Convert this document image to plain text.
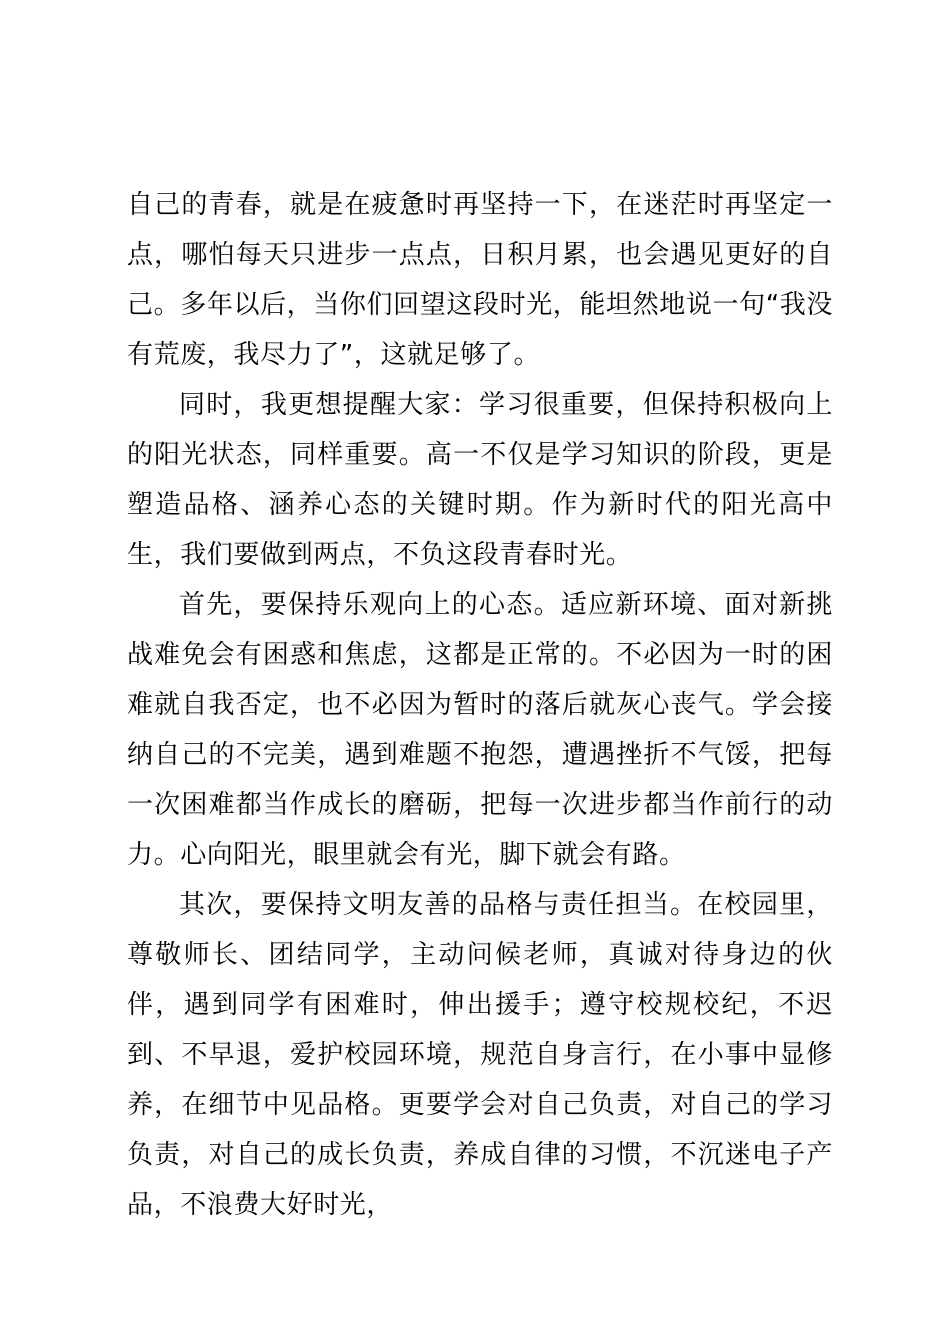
自己的青春，就是在疲惫时再坚持一下，在迷茫时再坚定一点，哪怕每天只进步一点点，日积月累，也会遇见更好的自己。多年以后，当你们回望这段时光，能坦然地说一句“我没有荒废，我尽力了”，这就足够了。

同时，我更想提醒大家：学习很重要，但保持积极向上的阳光状态，同样重要。高一不仅是学习知识的阶段，更是塑造品格、涵养心态的关键时期。作为新时代的阳光高中生，我们要做到两点，不负这段青春时光。

首先，要保持乐观向上的心态。适应新环境、面对新挑战难免会有困惑和焦虑，这都是正常的。不必因为一时的困难就自我否定，也不必因为暂时的落后就灰心丧气。学会接纳自己的不完美，遇到难题不抱怨，遭遇挫折不气馁，把每一次困难都当作成长的磨砺，把每一次进步都当作前行的动力。心向阳光，眼里就会有光，脚下就会有路。

其次，要保持文明友善的品格与责任担当。在校园里，尊敬师长、团结同学，主动问候老师，真诚对待身边的伙伴，遇到同学有困难时，伸出援手；遵守校规校纪，不迟到、不早退，爱护校园环境，规范自身言行，在小事中显修养，在细节中见品格。更要学会对自己负责，对自己的学习负责，对自己的成长负责，养成自律的习惯，不沉迷电子产品，不浪费大好时光，
